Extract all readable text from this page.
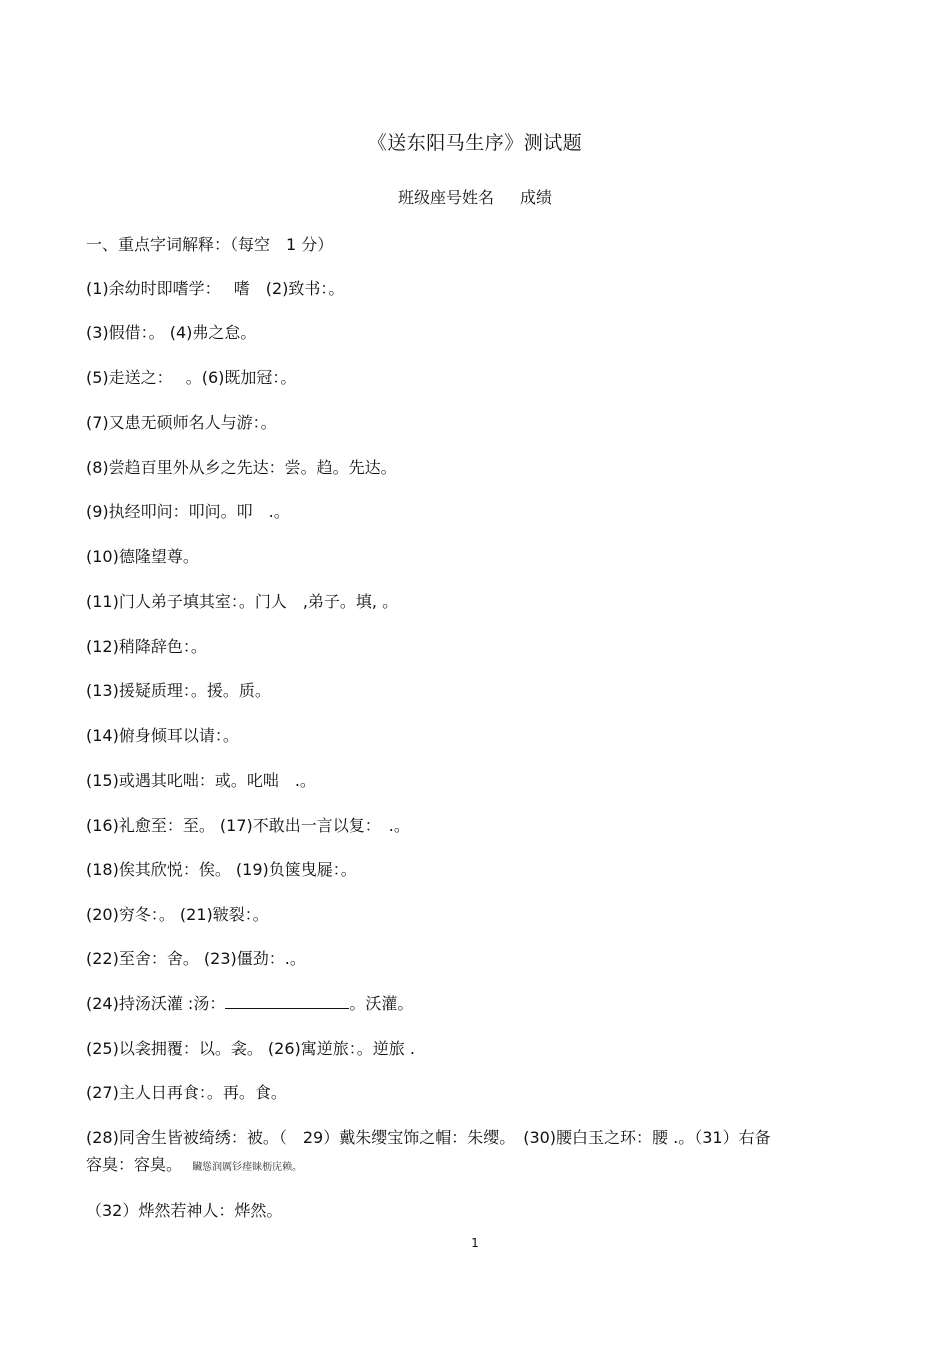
《送东阳马生序》测试题
班级座号姓名 成绩
一、重点字词解释：（每空　1 分）
(1)余幼时即嗜学：　 嗜　(2)致书：。
(3)假借：。 (4)弗之怠。
(5)走送之：　 。(6)既加冠：。
(7)又患无硕师名人与游：。
(8)尝趋百里外从乡之先达：尝。趋。先达。
(9)执经叩问：叩问。叩　.。
(10)德隆望尊。
(11)门人弟子填其室：。门人　,弟子。填, 。
(12)稍降辞色：。
(13)援疑质理：。援。质。
(14)俯身倾耳以请：。
(15)或遇其叱咄：或。叱咄　.。
(16)礼愈至：至。 (17)不敢出一言以复：　.。
(18)俟其欣悦：俟。 (19)负箧曳屣：。
(20)穷冬：。 (21)皲裂：。
(22)至舍：舍。 (23)僵劲：.。
(24)持汤沃灌 :汤：	。沃灌。
(25)以衾拥覆：以。衾。 (26)寓逆旅：。逆旅 .
(27)主人日再食：。再。食。
(28)同舍生皆被绮绣：被。（　29）戴朱缨宝饰之帽：朱缨。　(30)腰白玉之环：腰 .。（31）右备
容臭：容臭。 贜慫润厲钐瘗睐枥庑赖。
（32）烨然若神人：烨然。
1
